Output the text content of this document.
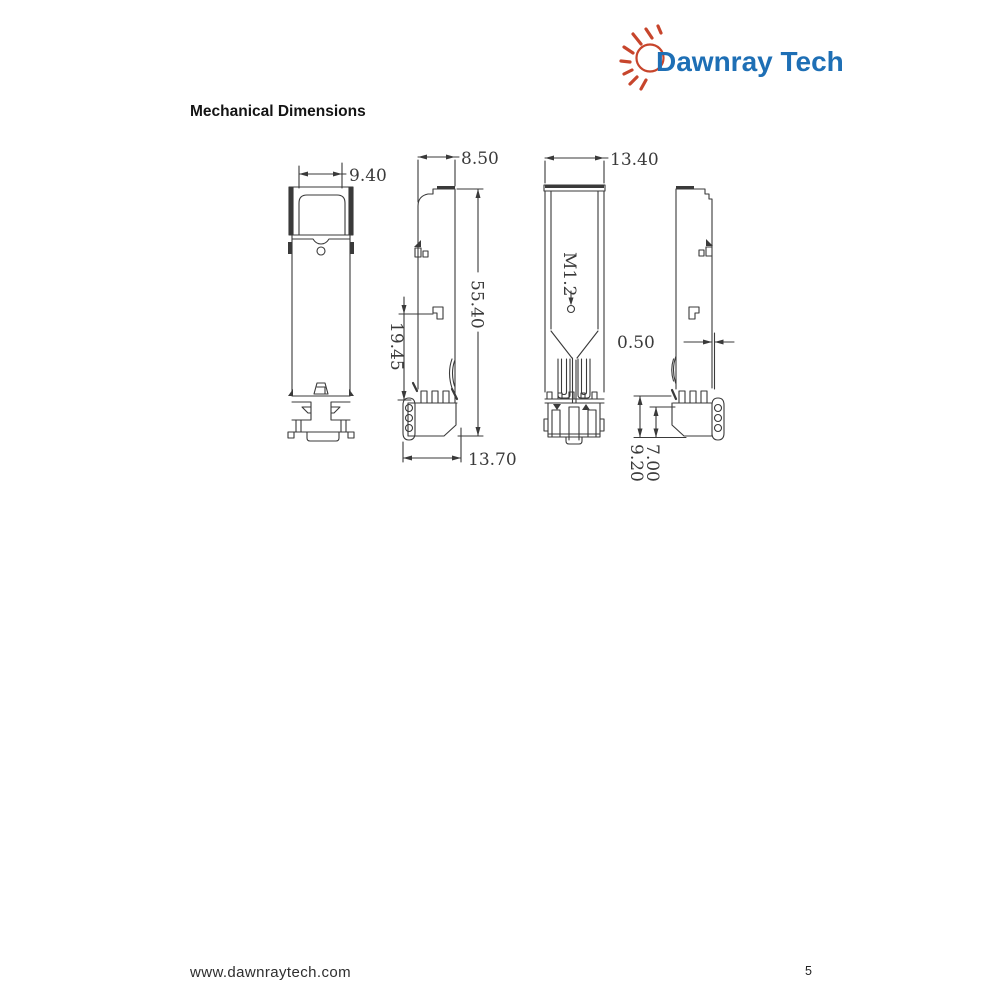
Dawnray Tech
Mechanical Dimensions
9.40
8.50
55.40
19.45
13.70
M1.2
13.40
0.50
9.20
7.00
www.dawnraytech.com	5
